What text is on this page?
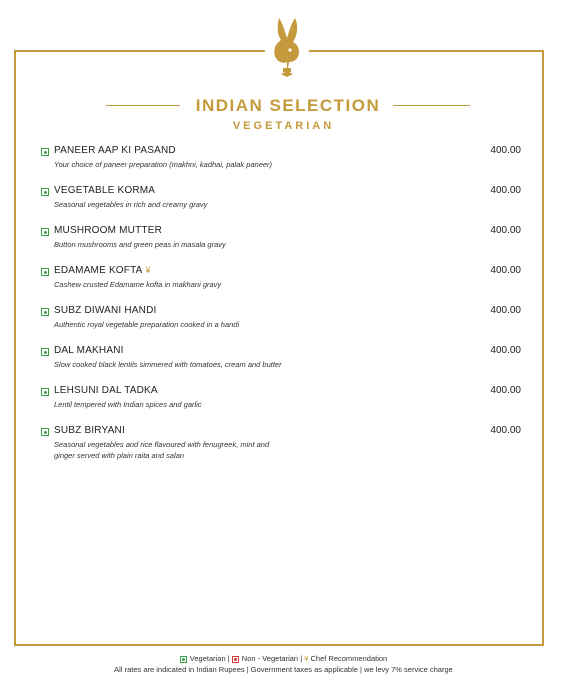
INDIAN SELECTION
VEGETARIAN
PANEER AAP KI PASAND	400.00
Your choice of paneer preparation (makhni, kadhai, palak paneer)
VEGETABLE KORMA	400.00
Seasonal vegetables in rich and creamy gravy
MUSHROOM MUTTER	400.00
Button mushrooms and green peas in masala gravy
EDAMAME KOFTA ¥	400.00
Cashew crusted Edamame kofta in makhani gravy
SUBZ DIWANI HANDI	400.00
Authentic royal vegetable preparation cooked in a handi
DAL MAKHANI	400.00
Slow cooked black lentils simmered with tomatoes, cream and butter
LEHSUNI DAL TADKA	400.00
Lentil tempered with Indian spices and garlic
SUBZ BIRYANI	400.00
Seasonal vegetables and rice flavoured with fenugreek, mint and ginger served with plain raita and salan
Vegetarian | Non - Vegetarian | ¥ Chef Recommendation
All rates are indicated in Indian Rupees | Government taxes as applicable | we levy 7% service charge
